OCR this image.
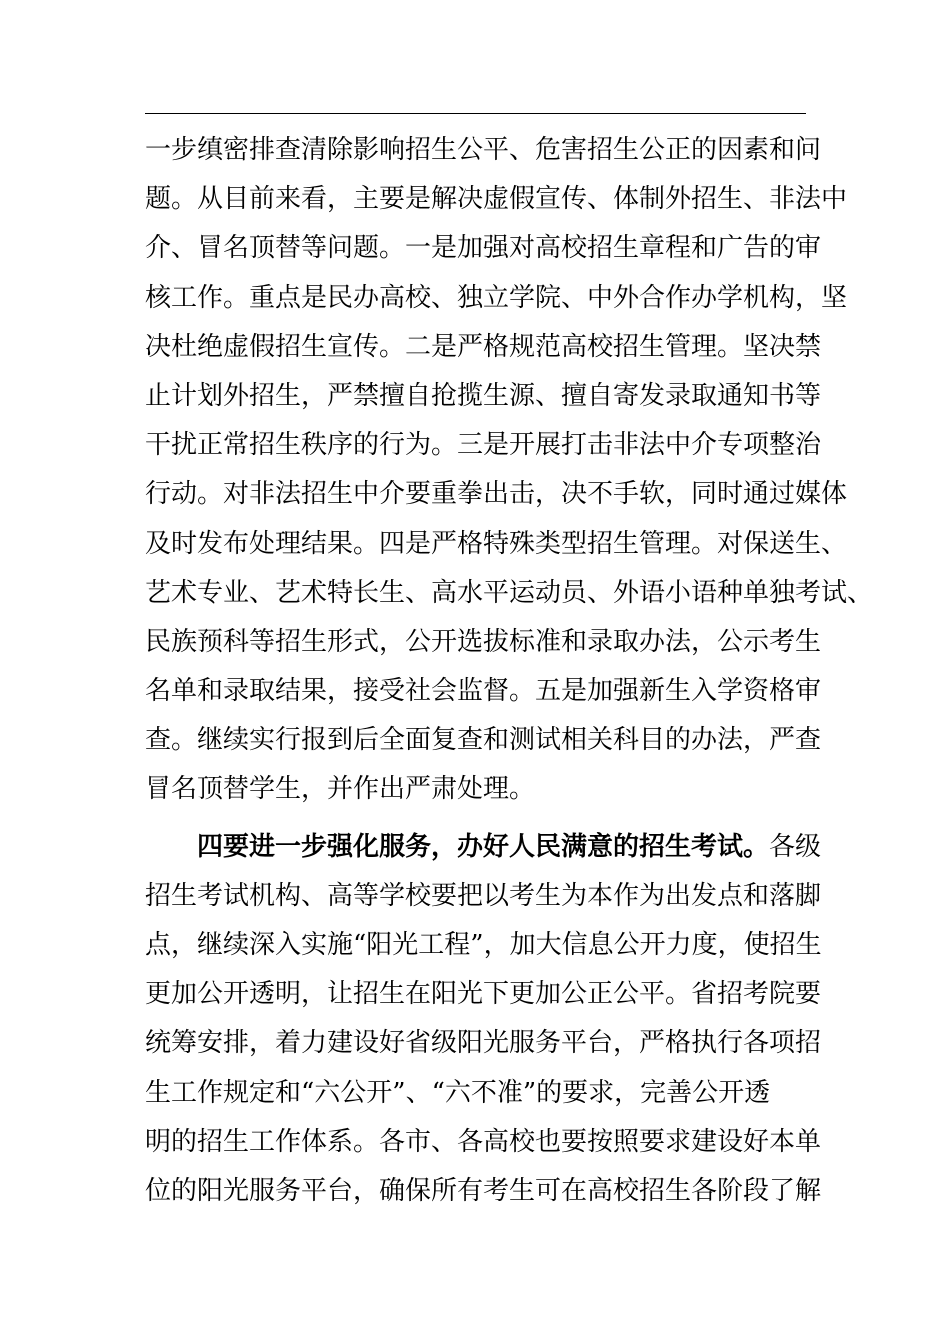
一步缜密排查清除影响招生公平、危害招生公正的因素和问
题。从目前来看，主要是解决虚假宣传、体制外招生、非法中
介、冒名顶替等问题。一是加强对高校招生章程和广告的审
核工作。重点是民办高校、独立学院、中外合作办学机构，坚
决杜绝虚假招生宣传。二是严格规范高校招生管理。坚决禁
止计划外招生，严禁擅自抢揽生源、擅自寄发录取通知书等
干扰正常招生秩序的行为。三是开展打击非法中介专项整治
行动。对非法招生中介要重拳出击，决不手软，同时通过媒体
及时发布处理结果。四是严格特殊类型招生管理。对保送生、
艺术专业、艺术特长生、高水平运动员、外语小语种单独考试、
民族预科等招生形式，公开选拔标准和录取办法，公示考生
名单和录取结果，接受社会监督。五是加强新生入学资格审
查。继续实行报到后全面复查和测试相关科目的办法，严查
冒名顶替学生，并作出严肃处理。
四要进一步强化服务，办好人民满意的招生考试。各级
招生考试机构、高等学校要把以考生为本作为出发点和落脚
点，继续深入实施“阳光工程”，加大信息公开力度，使招生
更加公开透明，让招生在阳光下更加公正公平。省招考院要
统筹安排，着力建设好省级阳光服务平台，严格执行各项招
生工作规定和“六公开”、“六不准”的要求，完善公开透
明的招生工作体系。各市、各高校也要按照要求建设好本单
位的阳光服务平台，确保所有考生可在高校招生各阶段了解
